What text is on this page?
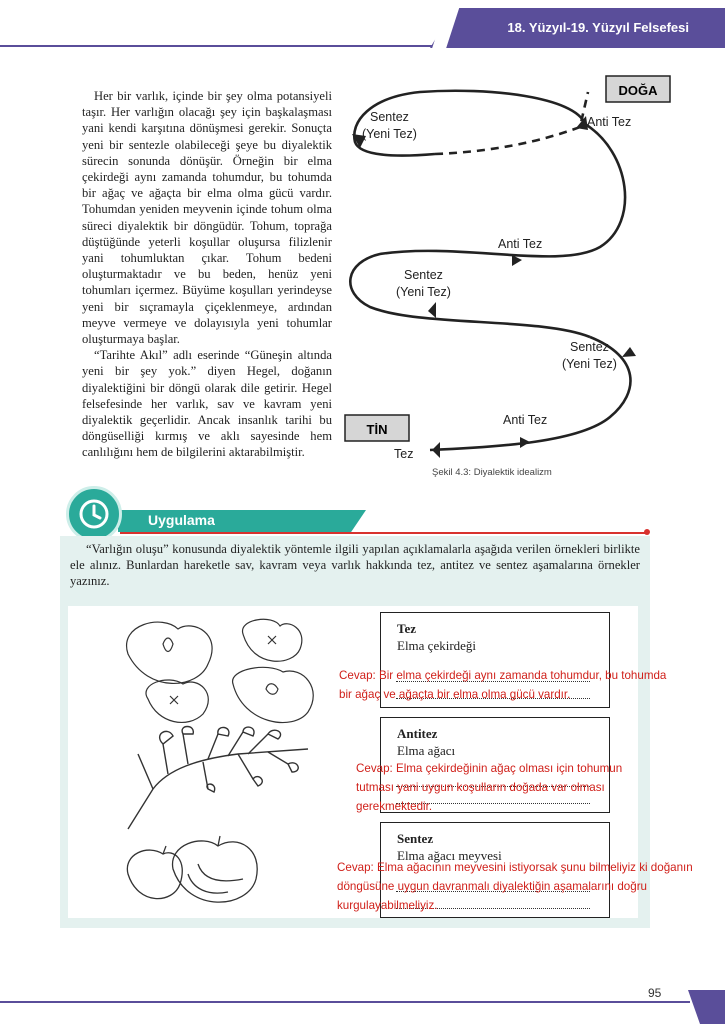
18. Yüzyıl-19. Yüzyıl Felsefesi

Her bir varlık, içinde bir şey olma potansiyeli taşır. Her varlığın olacağı şey için başkalaşması yani kendi karşıtına dönüşmesi gerekir. Sonuçta yeni bir sentezle olabileceği şeye bu diyalektik sürecin sonunda dönüşür. Örneğin bir elma çekirdeği aynı zamanda tohumdur, bu tohumda bir ağaç ve ağaçta bir elma olma gücü vardır. Tohumdan yeniden meyvenin içinde tohum olma süreci diyalektik bir döngüdür. Tohum, toprağa düştüğünde yeterli koşullar oluşursa filizlenir yani tohumluktan çıkar. Tohum bedeni oluşturmaktadır ve bu beden, henüz yeni tohumları içermez. Büyüme koşulları yerindeyse yeni bir sıçramayla çiçeklenmeye, ardından meyve vermeye ve dolayısıyla yeni tohumlar oluşturmaya başlar.

“Tarihte Akıl” adlı eserinde “Güneşin altında yeni bir şey yok.” diyen Hegel, doğanın diyalektiğini bir döngü olarak dile getirir. Hegel felsefesinde her varlık, sav ve kavram yeni diyalektik geçerlidir. Ancak insanlık tarihi bu döngüselliği kırmış ve aklı sayesinde hem canlılığını hem de bilgilerini aktarabilmiştir.

DOĞA
TİN
Sentez
(Yeni Tez)
Anti Tez
Anti Tez
Sentez
(Yeni Tez)
Sentez
(Yeni Tez)
Anti Tez
Tez
Şekil 4.3: Diyalektik idealizm
Uygulama

“Varlığın oluşu” konusunda diyalektik yöntemle ilgili yapılan açıklamalarla aşağıda verilen örnekleri birlikte ele alınız. Bunlardan hareketle sav, kavram veya varlık hakkında tez, antitez ve sentez aşamalarına örnekler yazınız.

Tez
Elma çekirdeği
Antitez
Elma ağacı
Sentez
Elma ağacı meyvesi
Cevap: Bir elma çekirdeği aynı zamanda tohumdur, bu tohumda bir ağaç ve ağaçta bir elma olma gücü vardır.
Cevap: Elma çekirdeğinin ağaç olması için tohumun tutması yani uygun koşulların doğada var olması gerekmektedir.
Cevap: Elma ağacının meyvesini istiyorsak şunu bilmeliyiz ki doğanın döngüsüne uygun davranmalı diyalektiğin aşamalarını doğru kurgulayabilmeliyiz.
95
